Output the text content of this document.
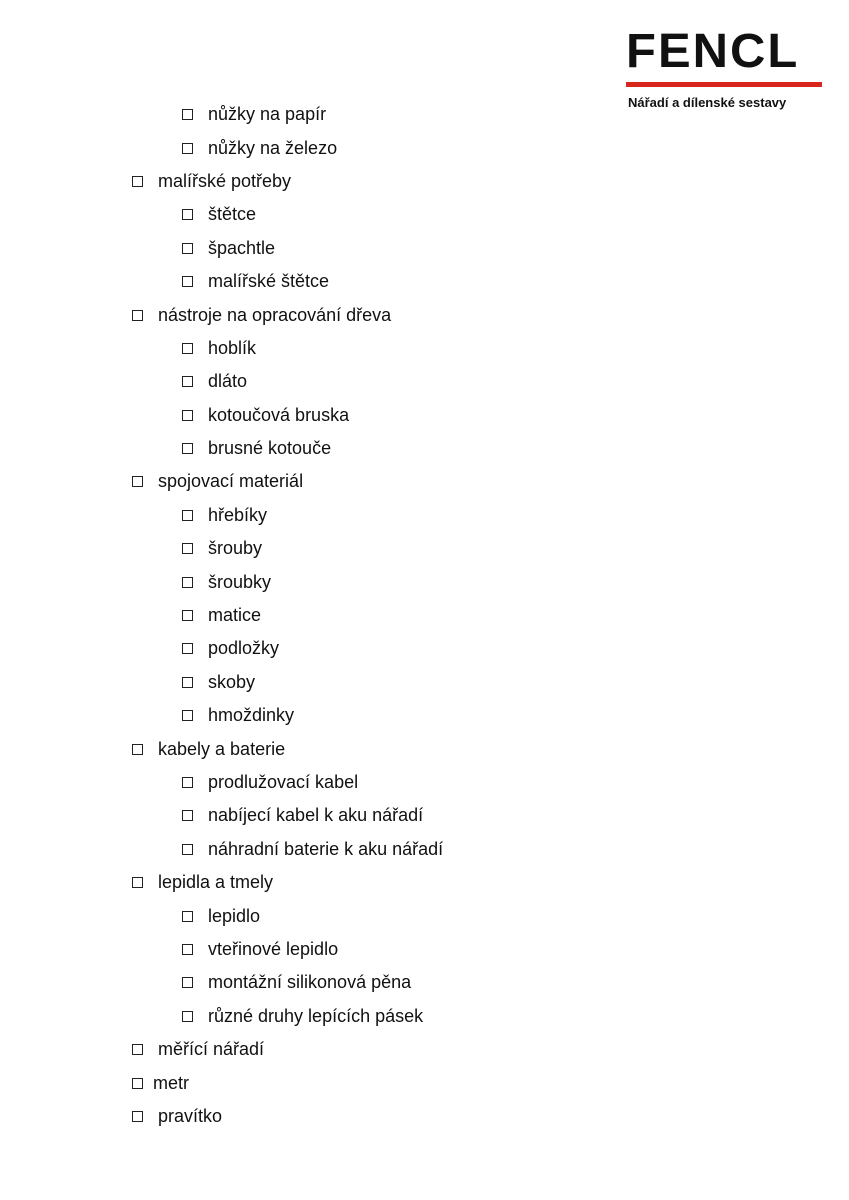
FENCL
Nářadí a dílenské sestavy
nůžky na papír
nůžky na železo
malířské potřeby
štětce
špachtle
malířské štětce
nástroje na opracování dřeva
hoblík
dláto
kotoučová bruska
brusné kotouče
spojovací materiál
hřebíky
šrouby
šroubky
matice
podložky
skoby
hmoždinky
kabely a baterie
prodlužovací kabel
nabíjecí kabel k aku nářadí
náhradní baterie k aku nářadí
lepidla a tmely
lepidlo
vteřinové lepidlo
montážní silikonová pěna
různé druhy lepících pásek
měřící nářadí
metr
pravítko
